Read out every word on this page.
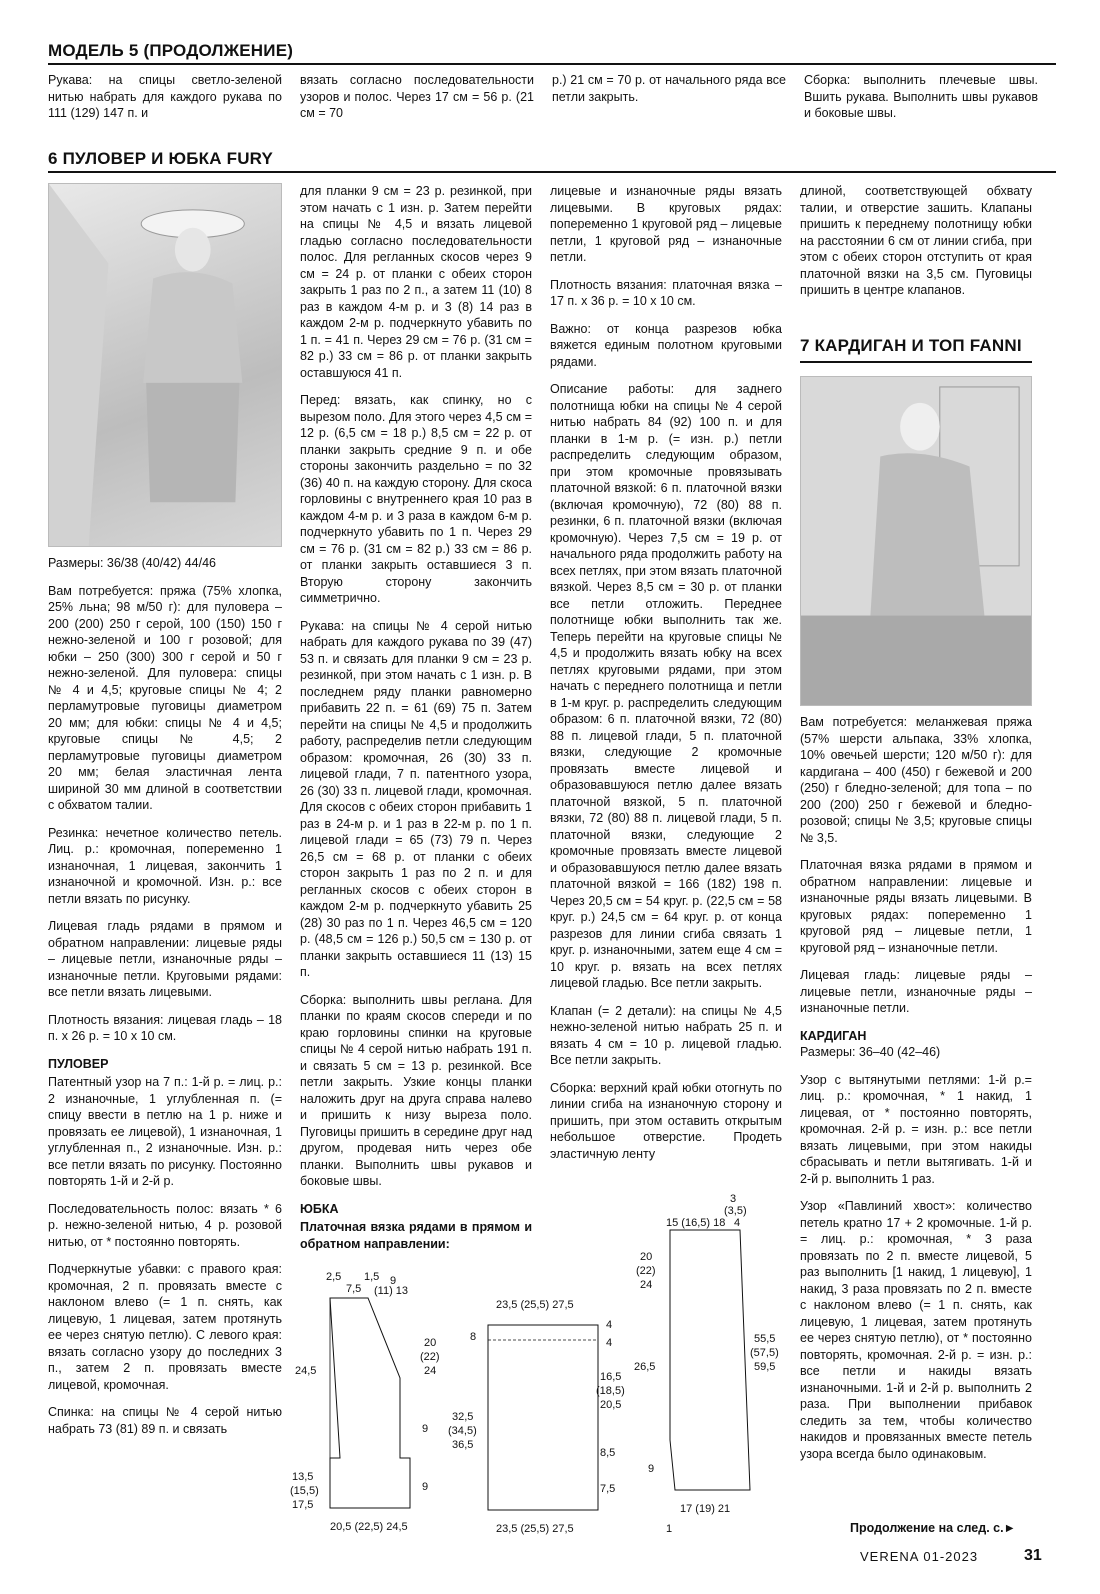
МОДЕЛЬ 5 (ПРОДОЛЖЕНИЕ)
Рукава: на спицы светло-зеленой нитью набрать для каждого рукава по 111 (129) 147 п. и
вязать согласно последовательности узоров и полос. Через 17 см = 56 р. (21 см = 70
р.) 21 см = 70 р. от начального ряда все петли закрыть.
Сборка: выполнить плечевые швы. Вшить рукава. Выполнить швы рукавов и боковые швы.
6 ПУЛОВЕР И ЮБКА FURY

Размеры: 36/38 (40/42) 44/46

Вам потребуется: пряжа (75% хлопка, 25% льна; 98 м/50 г): для пуловера – 200 (200) 250 г серой, 100 (150) 150 г нежно-зеленой и 100 г розовой; для юбки – 250 (300) 300 г серой и 50 г нежно-зеленой. Для пуловера: спицы № 4 и 4,5; круговые спицы № 4; 2 перламутровые пуговицы диаметром 20 мм; для юбки: спицы № 4 и 4,5; круговые спицы № 4,5; 2 перламутровые пуговицы диаметром 20 мм; белая эластичная лента шириной 30 мм длиной в соответствии с обхватом талии.

Резинка: нечетное количество петель. Лиц. р.: кромочная, попеременно 1 изнаночная, 1 лицевая, закончить 1 изнаночной и кромочной. Изн. р.: все петли вязать по рисунку.

Лицевая гладь рядами в прямом и обратном направлении: лицевые ряды – лицевые петли, изнаночные ряды – изнаночные петли. Круговыми рядами: все петли вязать лицевыми.

Плотность вязания: лицевая гладь – 18 п. x 26 р. = 10 x 10 см.

ПУЛОВЕР

Патентный узор на 7 п.: 1-й р. = лиц. р.: 2 изнаночные, 1 углубленная п. (= спицу ввести в петлю на 1 р. ниже и провязать ее лицевой), 1 изнаночная, 1 углубленная п., 2 изнаночные. Изн. р.: все петли вязать по рисунку. Постоянно повторять 1-й и 2-й р.

Последовательность полос: вязать * 6 р. нежно-зеленой нитью, 4 р. розовой нитью, от * постоянно повторять.

Подчеркнутые убавки: с правого края: кромочная, 2 п. провязать вместе с наклоном влево (= 1 п. снять, как лицевую, 1 лицевая, затем протянуть ее через снятую петлю). С левого края: вязать согласно узору до последних 3 п., затем 2 п. провязать вместе лицевой, кромочная.

Спинка: на спицы № 4 серой нитью набрать 73 (81) 89 п. и связать

для планки 9 см = 23 р. резинкой, при этом начать с 1 изн. р. Затем перейти на спицы № 4,5 и вязать лицевой гладью согласно последовательности полос. Для регланных скосов через 9 см = 24 р. от планки с обеих сторон закрыть 1 раз по 2 п., а затем 11 (10) 8 раз в каждом 4-м р. и 3 (8) 14 раз в каждом 2-м р. подчеркнуто убавить по 1 п. = 41 п. Через 29 см = 76 р. (31 см = 82 р.) 33 см = 86 р. от планки закрыть оставшуюся 41 п.

Перед: вязать, как спинку, но с вырезом поло. Для этого через 4,5 см = 12 р. (6,5 см = 18 р.) 8,5 см = 22 р. от планки закрыть средние 9 п. и обе стороны закончить раздельно = по 32 (36) 40 п. на каждую сторону. Для скоса горловины с внутреннего края 10 раз в каждом 4-м р. и 3 раза в каждом 6-м р. подчеркнуто убавить по 1 п. Через 29 см = 76 р. (31 см = 82 р.) 33 см = 86 р. от планки закрыть оставшиеся 3 п. Вторую сторону закончить симметрично.

Рукава: на спицы № 4 серой нитью набрать для каждого рукава по 39 (47) 53 п. и связать для планки 9 см = 23 р. резинкой, при этом начать с 1 изн. р. В последнем ряду планки равномерно прибавить 22 п. = 61 (69) 75 п. Затем перейти на спицы № 4,5 и продолжить работу, распределив петли следующим образом: кромочная, 26 (30) 33 п. лицевой глади, 7 п. патентного узора, 26 (30) 33 п. лицевой глади, кромочная. Для скосов с обеих сторон прибавить 1 раз в 24-м р. и 1 раз в 22-м р. по 1 п. лицевой глади = 65 (73) 79 п. Через 26,5 см = 68 р. от планки с обеих сторон закрыть 1 раз по 2 п. и для регланных скосов с обеих сторон в каждом 2-м р. подчеркнуто убавить 25 (28) 30 раз по 1 п. Через 46,5 см = 120 р. (48,5 см = 126 р.) 50,5 см = 130 р. от планки закрыть оставшиеся 11 (13) 15 п.

Сборка: выполнить швы реглана. Для планки по краям скосов спереди и по краю горловины спинки на круговые спицы № 4 серой нитью набрать 191 п. и связать 5 см = 13 р. резинкой. Все петли закрыть. Узкие концы планки наложить друг на друга справа налево и пришить к низу выреза поло. Пуговицы пришить в середине друг над другом, продевая нить через обе планки. Выполнить швы рукавов и боковые швы.

ЮБКА

Платочная вязка рядами в прямом и обратном направлении:

лицевые и изнаночные ряды вязать лицевыми. В круговых рядах: попеременно 1 круговой ряд – лицевые петли, 1 круговой ряд – изнаночные петли.

Плотность вязания: платочная вязка – 17 п. x 36 р. = 10 x 10 см.

Важно: от конца разрезов юбка вяжется единым полотном круговыми рядами.

Описание работы: для заднего полотнища юбки на спицы № 4 серой нитью набрать 84 (92) 100 п. и для планки в 1-м р. (= изн. р.) петли распределить следующим образом, при этом кромочные провязывать платочной вязкой: 6 п. платочной вязки (включая кромочную), 72 (80) 88 п. резинки, 6 п. платочной вязки (включая кромочную). Через 7,5 см = 19 р. от начального ряда продолжить работу на всех петлях, при этом вязать платочной вязкой. Через 8,5 см = 30 р. от планки все петли отложить. Переднее полотнище юбки выполнить так же. Теперь перейти на круговые спицы № 4,5 и продолжить вязать юбку на всех петлях круговыми рядами, при этом начать с переднего полотнища и петли в 1-м круг. р. распределить следующим образом: 6 п. платочной вязки, 72 (80) 88 п. лицевой глади, 5 п. платочной вязки, следующие 2 кромочные провязать вместе лицевой и образовавшуюся петлю далее вязать платочной вязкой, 5 п. платочной вязки, 72 (80) 88 п. лицевой глади, 5 п. платочной вязки, следующие 2 кромочные провязать вместе лицевой и образовавшуюся петлю далее вязать платочной вязкой = 166 (182) 198 п. Через 20,5 см = 54 круг. р. (22,5 см = 58 круг. р.) 24,5 см = 64 круг. р. от конца разрезов для линии сгиба связать 1 круг. р. изнаночными, затем еще 4 см = 10 круг. р. вязать на всех петлях лицевой гладью. Все петли закрыть.

Клапан (= 2 детали): на спицы № 4,5 нежно-зеленой нитью набрать 25 п. и вязать 4 см = 10 р. лицевой гладью. Все петли закрыть.

Сборка: верхний край юбки отогнуть по линии сгиба на изнаночную сторону и пришить, при этом оставить открытым небольшое отверстие. Продеть эластичную ленту

длиной, соответствующей обхвату талии, и отверстие зашить. Клапаны пришить к переднему полотнищу юбки на расстоянии 6 см от линии сгиба, при этом с обеих сторон отступить от края платочной вязки на 3,5 см. Пуговицы пришить в центре клапанов.

7 КАРДИГАН И ТОП FANNI

Вам потребуется: меланжевая пряжа (57% шерсти альпака, 33% хлопка, 10% овечьей шерсти; 120 м/50 г): для кардигана – 400 (450) г бежевой и 200 (250) г бледно-зеленой; для топа – по 200 (200) 250 г бежевой и бледно-розовой; спицы № 3,5; круговые спицы № 3,5.

Платочная вязка рядами в прямом и обратном направлении: лицевые и изнаночные ряды вязать лицевыми. В круговых рядах: попеременно 1 круговой ряд – лицевые петли, 1 круговой ряд – изнаночные петли.

Лицевая гладь: лицевые ряды – лицевые петли, изнаночные ряды – изнаночные петли.

КАРДИГАН

Размеры: 36–40 (42–46)

Узор с вытянутыми петлями: 1-й р.= лиц. р.: кромочная, * 1 накид, 1 лицевая, от * постоянно повторять, кромочная. 2-й р. = изн. р.: все петли вязать лицевыми, при этом накиды сбрасывать и петли вытягивать. 1-й и 2-й р. выполнить 1 раз.

Узор «Павлиний хвост»: количество петель кратно 17 + 2 кромочные. 1-й р. = лиц. р.: кромочная, * 3 раза провязать по 2 п. вместе лицевой, 5 раз выполнить [1 накид, 1 лицевую], 1 накид, 3 раза провязать по 2 п. вместе с наклоном влево (= 1 п. снять, как лицевую, 1 лицевая, затем протянуть ее через снятую петлю), от * постоянно повторять, кромочная. 2-й р. = изн. р.: все петли и накиды вязать изнаночными. 1-й и 2-й р. выполнить 2 раза. При выполнении прибавок следить за тем, чтобы количество накидов и провязанных вместе петель узора всегда было одинаковым.

Продолжение на след. с.►
2,5 1,5 9
7,5 (11) 13
20
(22)
24
24,5
13,5
(15,5)
17,5
9
9
20,5 (22,5) 24,5
23,5 (25,5) 27,5
8
4
4
16,5
(18,5)
20,5
32,5
(34,5)
36,5
8,5
7,5
23,5 (25,5) 27,5
3
(3,5)
15 (16,5) 18 4
20
(22)
24
55,5
(57,5)
59,5
26,5
9
17 (19) 21
1
VERENA 01-2023	31
